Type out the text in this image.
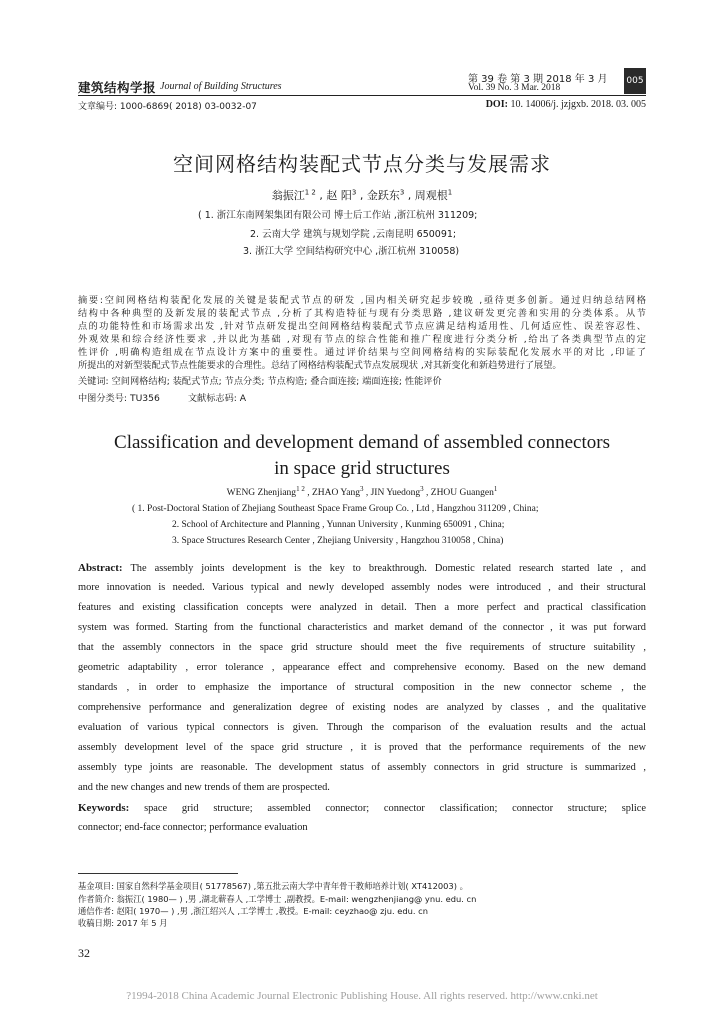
建筑结构学报 Journal of Building Structures
第 39 卷 第 3 期 2018 年 3 月
Vol. 39 No. 3 Mar. 2018
005
文章编号: 1000-6869( 2018) 03-0032-07	DOI: 10. 14006/j. jzjgxb. 2018. 03. 005
空间网格结构装配式节点分类与发展需求
翁振江$^{1 2}$ , 赵 阳$^3$ , 金跃东$^3$ , 周观根$^1$
( 1. 浙江东南网架集团有限公司 博士后工作站 ,浙江杭州 311209;
2. 云南大学 建筑与规划学院 ,云南昆明 650091;
3. 浙江大学 空间结构研究中心 ,浙江杭州 310058)
摘要:空间网格结构装配化发展的关键是装配式节点的研发 ,国内相关研究起步较晚 ,亟待更多创新。通过归纳总结网格
结构中各种典型的及新发展的装配式节点 ,分析了其构造特征与现有分类思路 ,建议研发更完善和实用的分类体系。从节
点的功能特性和市场需求出发 ,针对节点研发提出空间网格结构装配式节点应满足结构适用性、几何适应性、误差容忍性、
外观效果和综合经济性要求 ,并以此为基础 ,对现有节点的综合性能和推广程度进行分类分析 ,给出了各类典型节点的定
性评价 ,明确构造组成在节点设计方案中的重要性。通过评价结果与空间网格结构的实际装配化发展水平的对比 ,印证了
所提出的对新型装配式节点性能要求的合理性。总结了网格结构装配式节点发展现状 ,对其新变化和新趋势进行了展望。
关键词: 空间网格结构; 装配式节点; 节点分类; 节点构造; 叠合面连接; 端面连接; 性能评价
中图分类号: TU356	文献标志码: A
Classification and development demand of assembled connectors
in space grid structures
WENG Zhenjiang$^{1 2}$ , ZHAO Yang$^3$ , JIN Yuedong$^3$ , ZHOU Guangen$^1$
( 1. Post-Doctoral Station of Zhejiang Southeast Space Frame Group Co. , Ltd , Hangzhou 311209 , China;
2. School of Architecture and Planning , Yunnan University , Kunming 650091 , China;
3. Space Structures Research Center , Zhejiang University , Hangzhou 310058 , China)
Abstract: The assembly joints development is the key to breakthrough. Domestic related research started late , and
more innovation is needed. Various typical and newly developed assembly nodes were introduced , and their structural
features and existing classification concepts were analyzed in detail. Then a more perfect and practical classification
system was formed. Starting from the functional characteristics and market demand of the connector , it was put forward
that the assembly connectors in the space grid structure should meet the five requirements of structure suitability ,
geometric adaptability , error tolerance , appearance effect and comprehensive economy. Based on the new demand
standards , in order to emphasize the importance of structural composition in the new connector scheme , the
comprehensive performance and generalization degree of existing nodes are analyzed by classes , and the qualitative
evaluation of various typical connectors is given. Through the comparison of the evaluation results and the actual
assembly development level of the space grid structure , it is proved that the performance requirements of the new
assembly type joints are reasonable. The development status of assembly connectors in grid structure is summarized ,
and the new changes and new trends of them are prospected.
Keywords: space grid structure; assembled connector; connector classification; connector structure; splice
connector; end-face connector; performance evaluation
基金项目: 国家自然科学基金项目( 51778567) ,第五批云南大学中青年骨干教师培养计划( XT412003) 。
作者简介: 翁振江( 1980— ) ,男 ,湖北蕲春人 ,工学博士 ,副教授。E-mail: wengzhenjiang@ ynu. edu. cn
通信作者: 赵阳( 1970— ) ,男 ,浙江绍兴人 ,工学博士 ,教授。E-mail: ceyzhao@ zju. edu. cn
收稿日期: 2017 年 5 月
32
?1994-2018 China Academic Journal Electronic Publishing House. All rights reserved. http://www.cnki.net
